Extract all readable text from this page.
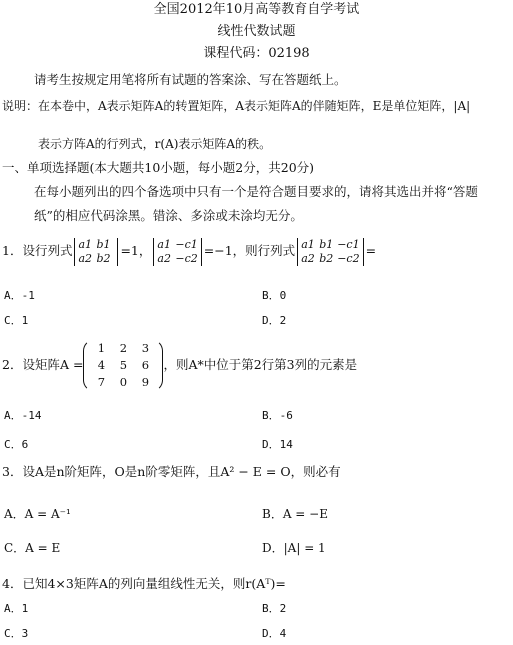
全国2012年10月高等教育自学考试
线性代数试题
课程代码：02198
请考生按规定用笔将所有试题的答案涂、写在答题纸上。
说明：在本卷中，A表示矩阵A的转置矩阵，A表示矩阵A的伴随矩阵，E是单位矩阵，|A|
表示方阵A的行列式，r(A)表示矩阵A的秩。
一、单项选择题(本大题共10小题，每小题2分，共20分)
在每小题列出的四个备选项中只有一个是符合题目要求的，请将其选出并将“答题
纸”的相应代码涂黑。错涂、多涂或未涂均无分。
1．设行列式 a1 b1
a2 b2 =1， a1 −c1
a2 −c2 =−1，则行列式 a1 b1 −c1
a2 b2 −c2 =
A．-1	B．0
C．1	D．2
2．设矩阵A =
1 2 3
4 5 6
7 0 9
，则A*中位于第2行第3列的元素是
A．-14	B．-6
C．6	D．14
3．设A是n阶矩阵，O是n阶零矩阵，且A² − E = O，则必有
A．A = A⁻¹	B．A = −E
C．A = E	D．|A| = 1
4．已知4×3矩阵A的列向量组线性无关，则r(Aᵀ)=
A．1	B．2
C．3	D．4
